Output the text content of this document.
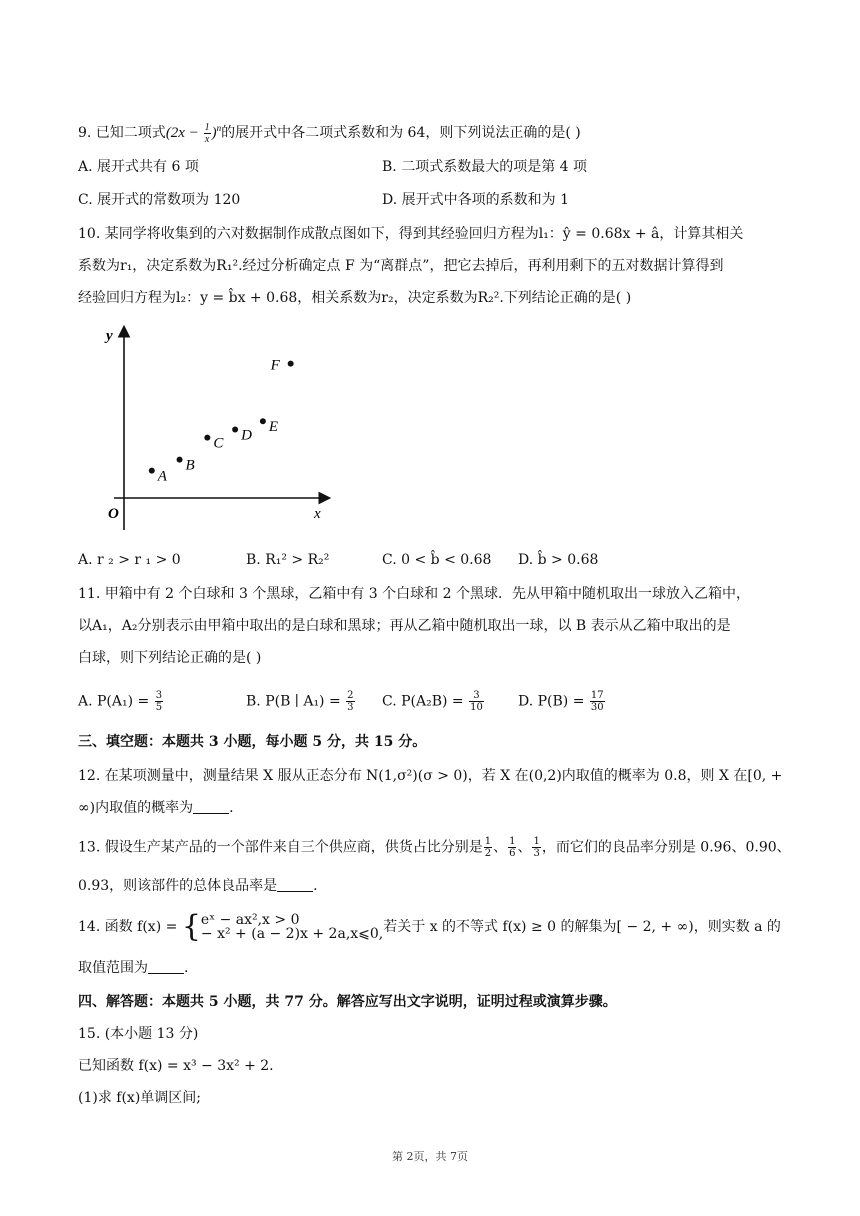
9. 已知二项式$(2x - \frac{1}{x} )^n$的展开式中各二项式系数和为 64，则下列说法正确的是( )
A. 展开式共有 6 项	B. 二项式系数最大的项是第 4 项
C. 展开式的常数项为 120	D. 展开式中各项的系数和为 1
10. 某同学将收集到的六对数据制作成散点图如下，得到其经验回归方程为l₁：ŷ = 0.68x + â，计算其相关
系数为r₁，决定系数为R₁².经过分析确定点 F 为“离群点”，把它去掉后，再利用剩下的五对数据计算得到
经验回归方程为l₂：y = b̂x + 0.68，相关系数为r₂，决定系数为R₂².下列结论正确的是( )
O	x
y
A
B
C
D
E
F
A. r ₂ > r ₁ > 0	B. R₁² > R₂²	C. 0 < b̂ < 0.68 D. b̂ > 0.68
11. 甲箱中有 2 个白球和 3 个黑球，乙箱中有 3 个白球和 2 个黑球．先从甲箱中随机取出一球放入乙箱中，
以A₁，A₂分别表示由甲箱中取出的是白球和黑球；再从乙箱中随机取出一球，以 B 表示从乙箱中取出的是
白球，则下列结论正确的是( )
A. $P(A_1) = \frac{3}{5}$	B. P(B ∣ $A_1) = \frac{2}{3} C$. $P(A_2B) = \frac{3}{10} D$. $P(B) = \frac{17}{30}$
三、填空题：本题共 3 小题，每小题 5 分，共 15 分。
12. 在某项测量中，测量结果 X 服从正态分布 N(1,σ²)(σ > 0)，若 X 在(0,2)内取值的概率为 0.8，则 X 在[0, +
∞)内取值的概率为	.
13. 假设生产某产品的一个部件来自三个供应商，供货占比分别是 $\frac{1}{2}$ 、 $\frac{1}{6}$ 、 $\frac{1}{3}$ ，而它们的良品率分别是 0.96、0.90、
0.93，则该部件的总体良品率是	.
14. 函数 f(x) = { eˣ − ax²,x > 0
− x² + (a − 2)x + 2a,x⩽0, 若关于 x 的不等式 f(x) ≥ 0 的解集为[ − 2, + ∞)，则实数 a 的
取值范围为	.
四、解答题：本题共 5 小题，共 77 分。解答应写出文字说明，证明过程或演算步骤。
15. (本小题 13 分)
已知函数 f(x) = x³ − 3x² + 2.
(1)求 f(x)单调区间;
第 2页，共 7页
